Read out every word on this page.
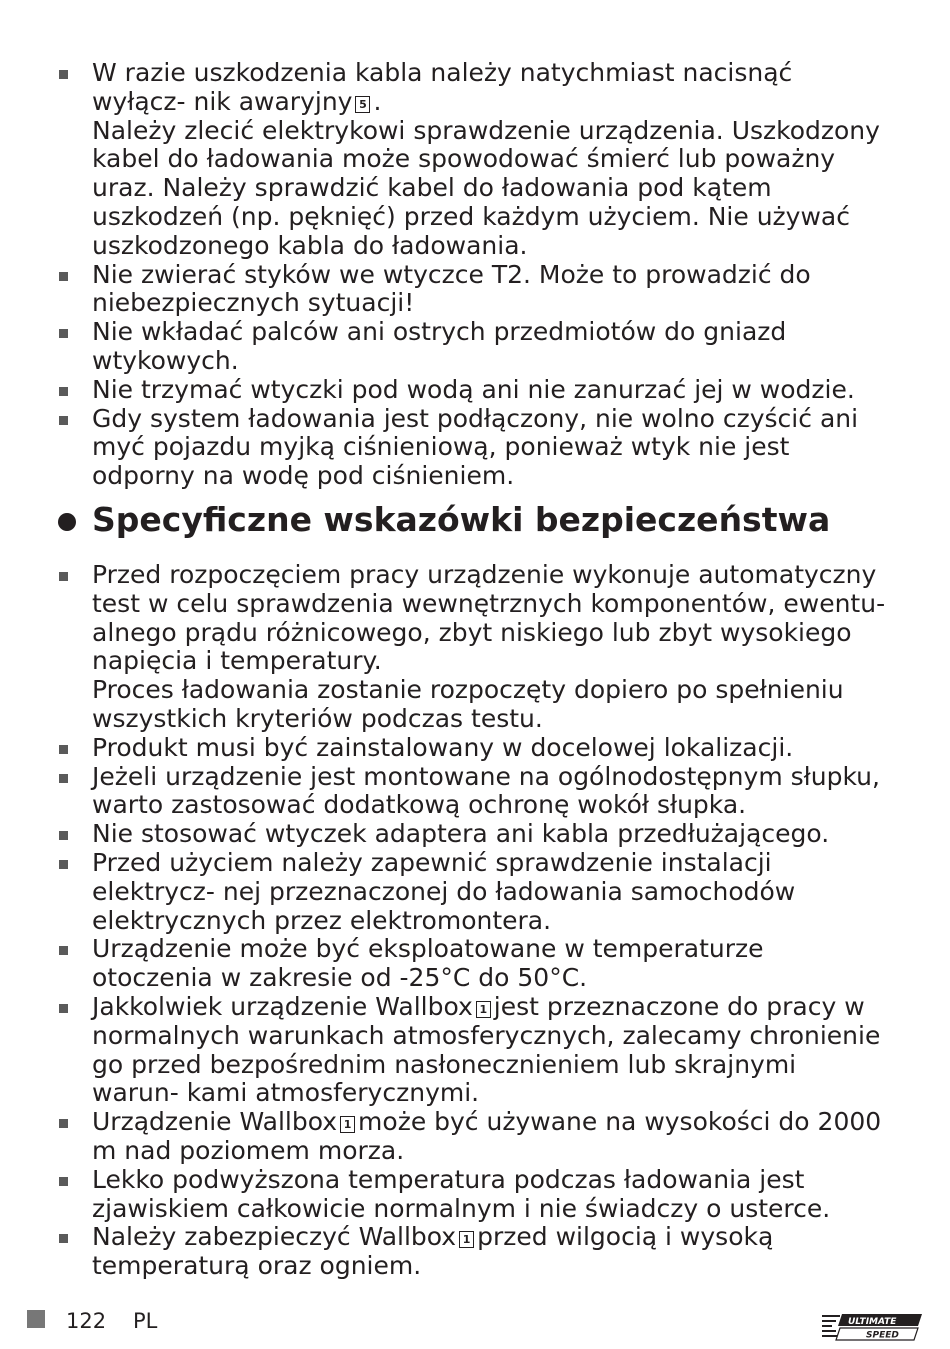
W razie uszkodzenia kabla należy natychmiast nacisnąć wyłącz- nik awaryjny 5 .
Należy zlecić elektrykowi sprawdzenie urządzenia. Uszkodzony kabel do ładowania może spowodować śmierć lub poważny uraz. Należy sprawdzić kabel do ładowania pod kątem uszkodzeń (np. pęknięć) przed każdym użyciem. Nie używać uszkodzonego kabla do ładowania.
Nie zwierać styków we wtyczce T2. Może to prowadzić do niebezpiecznych sytuacji!
Nie wkładać palców ani ostrych przedmiotów do gniazd wtykowych.
Nie trzymać wtyczki pod wodą ani nie zanurzać jej w wodzie.
Gdy system ładowania jest podłączony, nie wolno czyścić ani myć pojazdu myjką ciśnieniową, ponieważ wtyk nie jest odporny na wodę pod ciśnieniem.
Specyficzne wskazówki bezpieczeństwa
Przed rozpoczęciem pracy urządzenie wykonuje automatyczny test w celu sprawdzenia wewnętrznych komponentów, ewentu- alnego prądu różnicowego, zbyt niskiego lub zbyt wysokiego napięcia i temperatury.
Proces ładowania zostanie rozpoczęty dopiero po spełnieniu wszystkich kryteriów podczas testu.
Produkt musi być zainstalowany w docelowej lokalizacji.
Jeżeli urządzenie jest montowane na ogólnodostępnym słupku, warto zastosować dodatkową ochronę wokół słupka.
Nie stosować wtyczek adaptera ani kabla przedłużającego.
Przed użyciem należy zapewnić sprawdzenie instalacji elektrycz- nej przeznaczonej do ładowania samochodów elektrycznych przez elektromontera.
Urządzenie może być eksploatowane w temperaturze otoczenia w zakresie od -25°C do 50°C.
Jakkolwiek urządzenie Wallbox 1 jest przeznaczone do pracy w normalnych warunkach atmosferycznych, zalecamy chronienie go przed bezpośrednim nasłonecznieniem lub skrajnymi warun- kami atmosferycznymi.
Urządzenie Wallbox 1 może być używane na wysokości do 2000 m nad poziomem morza.
Lekko podwyższona temperatura podczas ładowania jest zjawiskiem całkowicie normalnym i nie świadczy o usterce.
Należy zabezpieczyć Wallbox 1 przed wilgocią i wysoką temperaturą oraz ogniem.
122 PL	ULTIMATE
SPEED
